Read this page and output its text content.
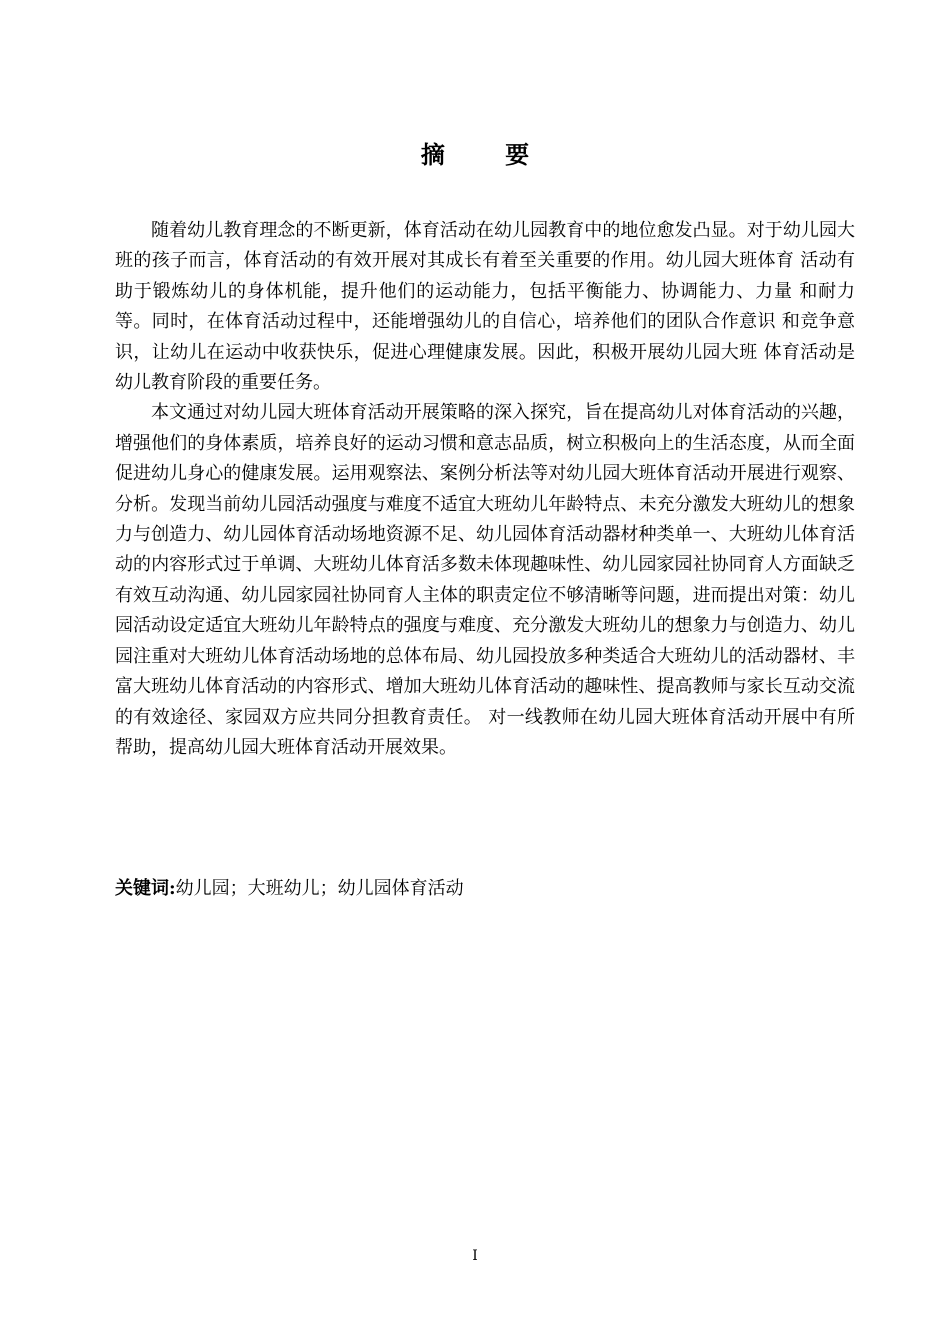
摘 要

随着幼儿教育理念的不断更新，体育活动在幼儿园教育中的地位愈发凸显。对于幼儿园大班的孩子而言，体育活动的有效开展对其成长有着至关重要的作用。幼儿园大班体育 活动有助于锻炼幼儿的身体机能，提升他们的运动能力，包括平衡能力、协调能力、力量 和耐力等。同时，在体育活动过程中，还能增强幼儿的自信心，培养他们的团队合作意识 和竞争意识，让幼儿在运动中收获快乐，促进心理健康发展。因此，积极开展幼儿园大班 体育活动是幼儿教育阶段的重要任务。

本文通过对幼儿园大班体育活动开展策略的深入探究，旨在提高幼儿对体育活动的兴趣，增强他们的身体素质，培养良好的运动习惯和意志品质，树立积极向上的生活态度，从而全面促进幼儿身心的健康发展。运用观察法、案例分析法等对幼儿园大班体育活动开展进行观察、分析。发现当前幼儿园活动强度与难度不适宜大班幼儿年龄特点、未充分激发大班幼儿的想象力与创造力、幼儿园体育活动场地资源不足、幼儿园体育活动器材种类单一、大班幼儿体育活动的内容形式过于单调、大班幼儿体育活多数未体现趣味性、幼儿园家园社协同育人方面缺乏有效互动沟通、幼儿园家园社协同育人主体的职责定位不够清晰等问题，进而提出对策：幼儿园活动设定适宜大班幼儿年龄特点的强度与难度、充分激发大班幼儿的想象力与创造力、幼儿园注重对大班幼儿体育活动场地的总体布局、幼儿园投放多种类适合大班幼儿的活动器材、丰富大班幼儿体育活动的内容形式、增加大班幼儿体育活动的趣味性、提高教师与家长互动交流的有效途径、家园双方应共同分担教育责任。 对一线教师在幼儿园大班体育活动开展中有所帮助，提高幼儿园大班体育活动开展效果。

关键词:幼儿园；大班幼儿；幼儿园体育活动
I
